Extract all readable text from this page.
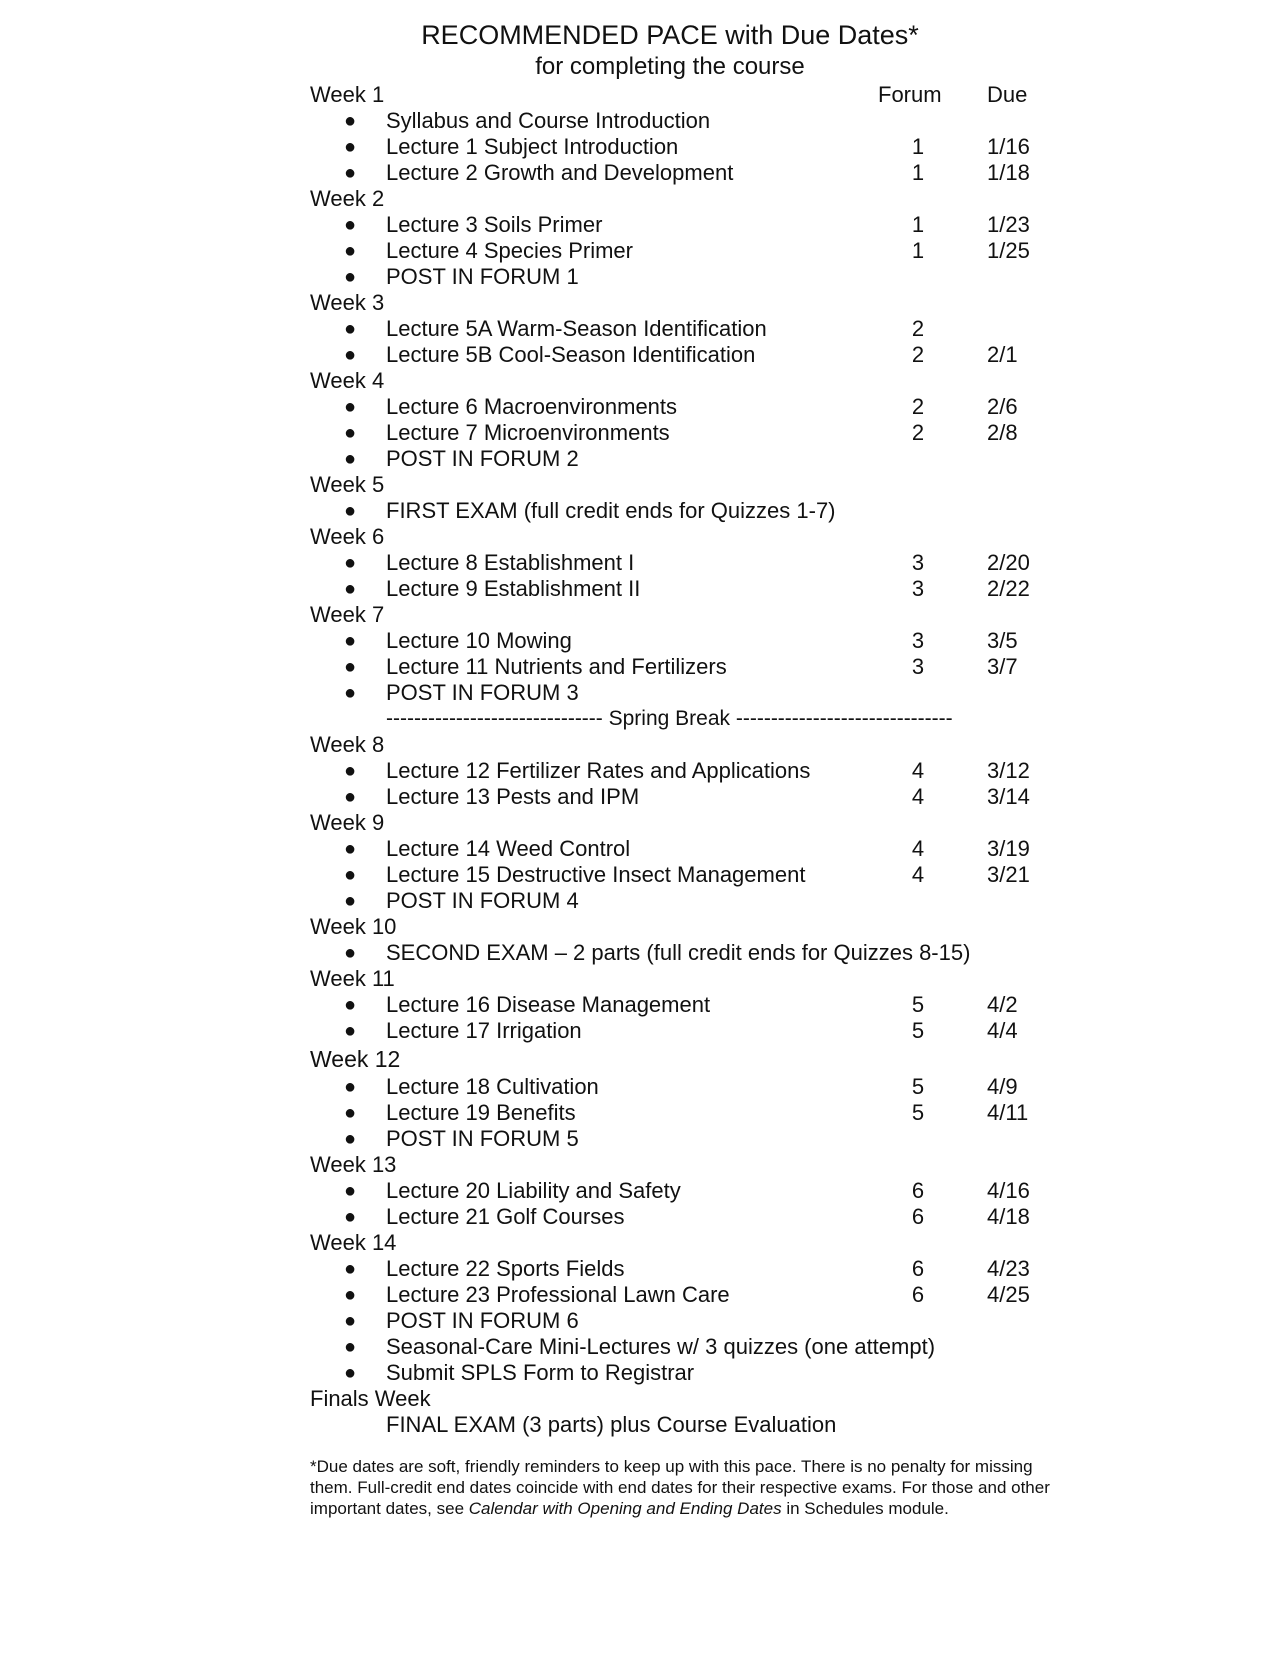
RECOMMENDED PACE with Due Dates*
for completing the course
Week 1	Forum Due
● Syllabus and Course Introduction
● Lecture 1 Subject Introduction	1	1/16
● Lecture 2 Growth and Development	1	1/18
Week 2
● Lecture 3 Soils Primer	1	1/23
● Lecture 4 Species Primer	1	1/25
● POST IN FORUM 1
Week 3
● Lecture 5A Warm-Season Identification	2
● Lecture 5B Cool-Season Identification	2	2/1
Week 4
● Lecture 6 Macroenvironments	2	2/6
● Lecture 7 Microenvironments	2	2/8
● POST IN FORUM 2
Week 5
● FIRST EXAM (full credit ends for Quizzes 1-7)
Week 6
● Lecture 8 Establishment I	3	2/20
● Lecture 9 Establishment II	3	2/22
Week 7
● Lecture 10 Mowing	3	3/5
● Lecture 11 Nutrients and Fertilizers	3	3/7
● POST IN FORUM 3
------------------------------- Spring Break -------------------------------
Week 8
● Lecture 12 Fertilizer Rates and Applications	4	3/12
● Lecture 13 Pests and IPM	4	3/14
Week 9
● Lecture 14 Weed Control	4	3/19
● Lecture 15 Destructive Insect Management	4	3/21
● POST IN FORUM 4
Week 10
● SECOND EXAM – 2 parts (full credit ends for Quizzes 8-15)
Week 11
● Lecture 16 Disease Management	5	4/2
● Lecture 17 Irrigation	5	4/4
Week 12
● Lecture 18 Cultivation	5	4/9
● Lecture 19 Benefits	5	4/11
● POST IN FORUM 5
Week 13
● Lecture 20 Liability and Safety	6	4/16
● Lecture 21 Golf Courses	6	4/18
Week 14
● Lecture 22 Sports Fields	6	4/23
● Lecture 23 Professional Lawn Care	6	4/25
● POST IN FORUM 6
● Seasonal-Care Mini-Lectures w/ 3 quizzes (one attempt)
● Submit SPLS Form to Registrar
Finals Week
FINAL EXAM (3 parts) plus Course Evaluation
*Due dates are soft, friendly reminders to keep up with this pace. There is no penalty for missing them. Full-credit end dates coincide with end dates for their respective exams. For those and other important dates, see Calendar with Opening and Ending Dates in Schedules module.
